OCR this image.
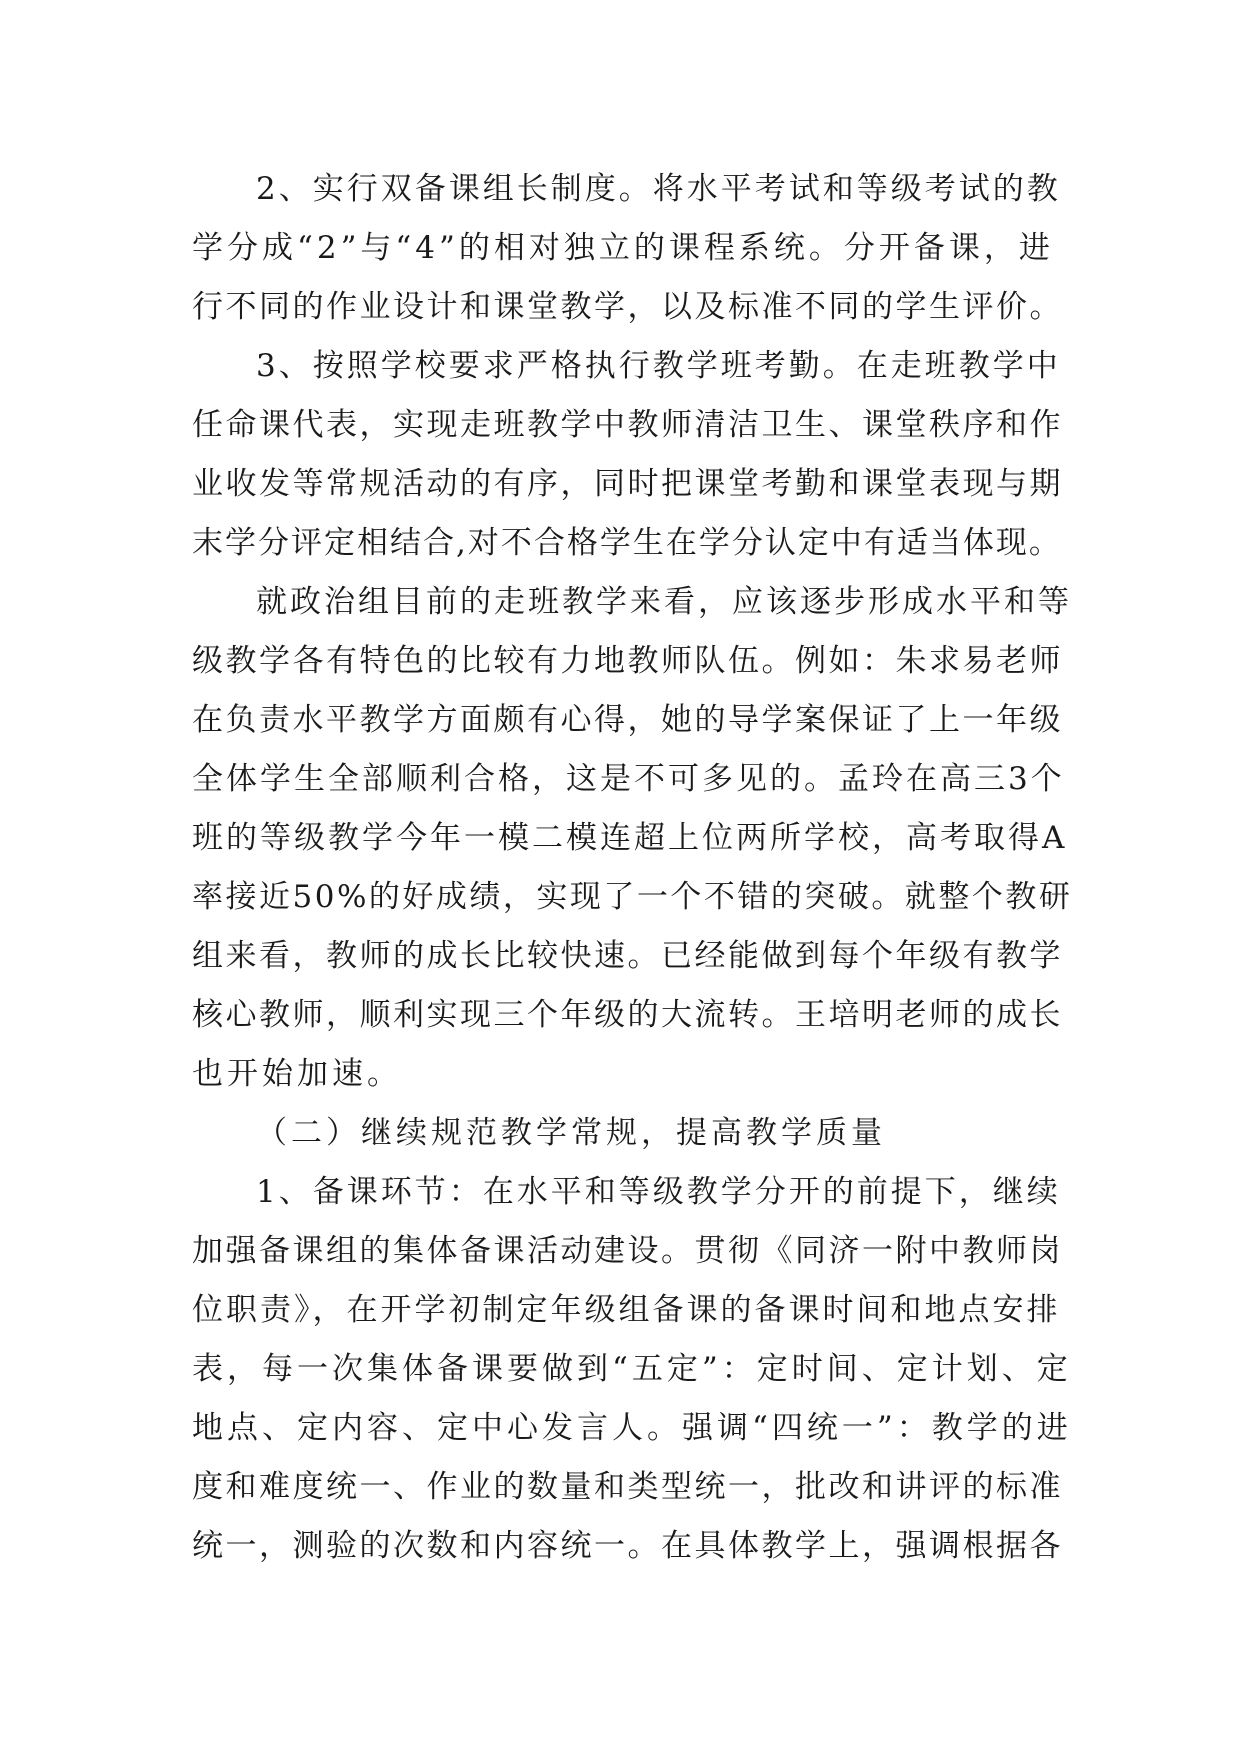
2、实行双备课组长制度。将水平考试和等级考试的教
学分成“2”与“4”的相对独立的课程系统。分开备课，进
行不同的作业设计和课堂教学，以及标准不同的学生评价。
3、按照学校要求严格执行教学班考勤。在走班教学中
任命课代表，实现走班教学中教师清洁卫生、课堂秩序和作
业收发等常规活动的有序，同时把课堂考勤和课堂表现与期
末学分评定相结合,对不合格学生在学分认定中有适当体现。
就政治组目前的走班教学来看，应该逐步形成水平和等
级教学各有特色的比较有力地教师队伍。例如：朱求易老师
在负责水平教学方面颇有心得，她的导学案保证了上一年级
全体学生全部顺利合格，这是不可多见的。孟玲在高三3个
班的等级教学今年一模二模连超上位两所学校，高考取得A
率接近50%的好成绩，实现了一个不错的突破。就整个教研
组来看，教师的成长比较快速。已经能做到每个年级有教学
核心教师，顺利实现三个年级的大流转。王培明老师的成长
也开始加速。
（二）继续规范教学常规，提高教学质量
1、备课环节：在水平和等级教学分开的前提下，继续
加强备课组的集体备课活动建设。贯彻《同济一附中教师岗
位职责》，在开学初制定年级组备课的备课时间和地点安排
表，每一次集体备课要做到“五定”：定时间、定计划、定
地点、定内容、定中心发言人。强调“四统一”：教学的进
度和难度统一、作业的数量和类型统一，批改和讲评的标准
统一，测验的次数和内容统一。在具体教学上，强调根据各
